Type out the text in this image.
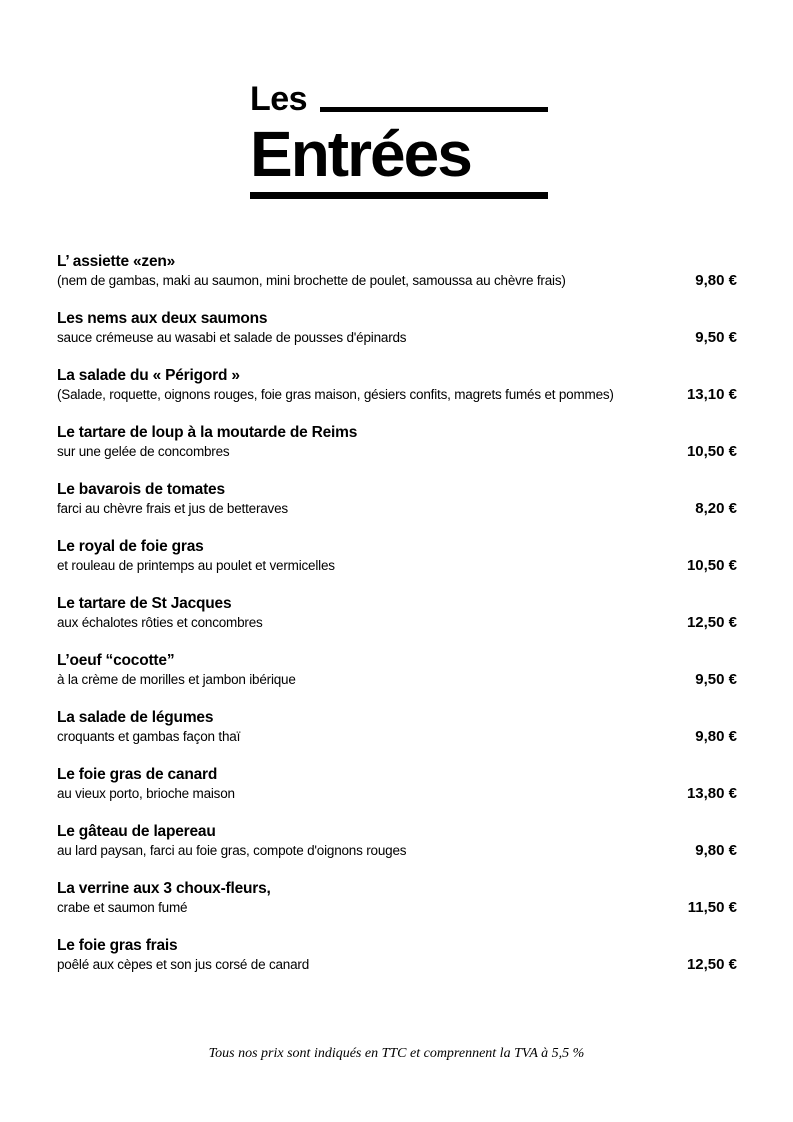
Les
Entrées
L’ assiette «zen»
(nem de gambas, maki au saumon, mini brochette de poulet, samoussa au chèvre frais)	9,80 €
Les nems aux deux saumons
sauce crémeuse au wasabi et salade de pousses d'épinards	9,50 €
La salade du « Périgord »
(Salade, roquette, oignons rouges, foie gras maison, gésiers confits, magrets fumés et pommes)	13,10 €
Le tartare de loup à la moutarde de Reims
sur une gelée de concombres	10,50 €
Le bavarois de tomates
farci au chèvre frais et jus de betteraves	8,20 €
Le royal de foie gras
et rouleau de printemps au poulet et vermicelles	10,50 €
Le tartare de St Jacques
aux échalotes rôties et concombres	12,50 €
L’oeuf “cocotte”
à la crème de morilles et jambon ibérique	9,50 €
La salade de légumes
croquants et gambas façon thaï	9,80 €
Le foie gras de canard
au vieux porto, brioche maison	13,80 €
Le gâteau de lapereau
au lard paysan, farci au foie gras, compote d'oignons rouges	9,80 €
La verrine aux 3 choux-fleurs,
crabe et saumon fumé	11,50 €
Le foie gras frais
poêlé aux cèpes et son jus corsé de canard	12,50 €
Tous nos prix sont indiqués en TTC et comprennent la TVA à 5,5 %
